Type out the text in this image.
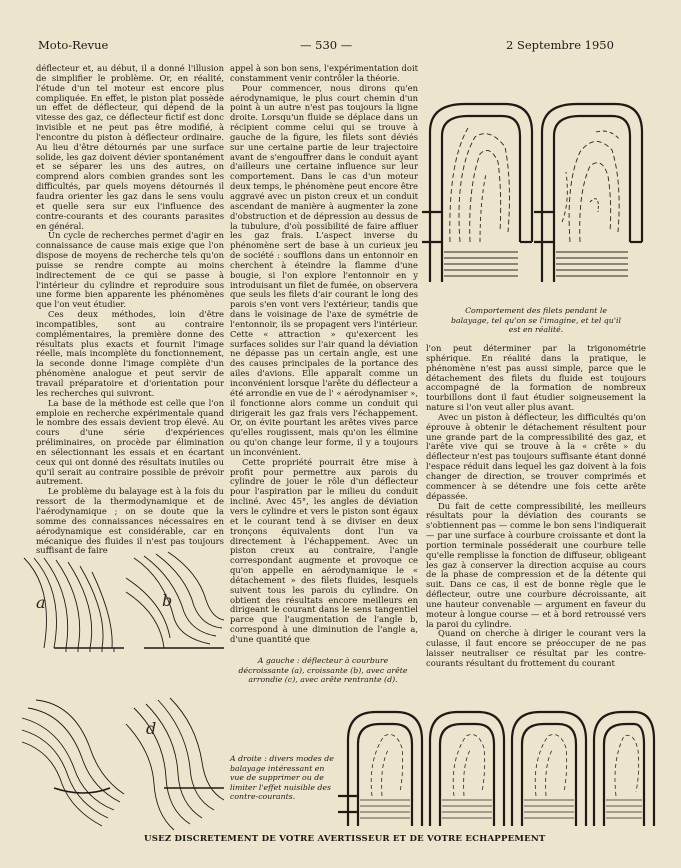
Moto-Revue	— 530 —	2 Septembre 1950

déflecteur et, au début, il a donné l'illusion de simplifier le problème. Or, en réalité, l'étude d'un tel moteur est encore plus compliquée. En effet, le piston plat possède un effet de déflecteur, qui dépend de la vitesse des gaz, ce déflecteur fictif est donc invisible et ne peut pas être modifié, à l'encontre du piston à déflecteur ordinaire. Au lieu d'être détournés par une surface solide, les gaz doivent dévier spontanément et se séparer les uns des autres, on comprend alors combien grandes sont les difficultés, par quels moyens détournés il faudra orienter les gaz dans le sens voulu et quelle sera sur eux l'influence des contre-courants et des courants parasites en général.

Un cycle de recherches permet d'agir en connaissance de cause mais exige que l'on dispose de moyens de recherche tels qu'on puisse se rendre compte au moins indirectement de ce qui se passe à l'intérieur du cylindre et reproduire sous une forme bien apparente les phénomènes que l'on veut étudier.

Ces deux méthodes, loin d'être incompatibles, sont au contraire complémentaires, la première donne des résultats plus exacts et fournit l'image réelle, mais incomplète du fonctionnement, la seconde donne l'image complète d'un phénomène analogue et peut servir de travail préparatoire et d'orientation pour les recherches qui suivront.

La base de la méthode est celle que l'on emploie en recherche expérimentale quand le nombre des essais devient trop élevé. Au cours d'une série d'expériences préliminaires, on procède par élimination en sélectionnant les essais et en écartant ceux qui ont donné des résultats inutiles ou qu'il serait au contraire possible de prévoir autrement.

Le problème du balayage est à la fois du ressort de la thermodynamique et de l'aérodynamique ; on se doute que la somme des connaissances nécessaires en aérodynamique est considérable, car en mécanique des fluides il n'est pas toujours suffisant de faire

appel à son bon sens, l'expérimentation doit constamment venir contrôler la théorie.

Pour commencer, nous dirons qu'en aérodynamique, le plus court chemin d'un point à un autre n'est pas toujours la ligne droite. Lorsqu'un fluide se déplace dans un récipient comme celui qui se trouve à gauche de la figure, les filets sont déviés sur une certaine partie de leur trajectoire avant de s'engouffrer dans le conduit ayant d'ailleurs une certaine influence sur leur comportement. Dans le cas d'un moteur deux temps, le phénomène peut encore être aggravé avec un piston creux et un conduit ascendant de manière à augmenter la zone d'obstruction et de dépression au dessus de la tubulure, d'où possibilité de faire affluer les gaz frais. L'aspect inverse du phénomène sert de base à un curieux jeu de société : soufflons dans un entonnoir en cherchent à éteindre la flamme d'une bougie, si l'on explore l'entonnoir en y introduisant un filet de fumée, on observera que seuls les filets d'air courant le long des parois s'en vont vers l'extérieur, tandis que dans le voisinage de l'axe de symétrie de l'entonnoir, ils se propagent vers l'intérieur. Cette « attraction » qu'exercent les surfaces solides sur l'air quand la déviation ne dépasse pas un certain angle, est une des causes principales de la portance des ailes d'avions. Elle apparaît comme un inconvénient lorsque l'arête du déflecteur a été arrondie en vue de l' « aérodynamiser », il fonctionne alors comme un conduit qui dirigerait les gaz frais vers l'échappement. Or, on évite pourtant les arêtes vives parce qu'elles rougissent, mais qu'on les élimine ou qu'on change leur forme, il y a toujours un inconvénient.

Cette propriété pourrait être mise à profit pour permettre aux parois du cylindre de jouer le rôle d'un déflecteur pour l'aspiration par le milieu du conduit incliné. Avec 45°, les angles de déviation vers le cylindre et vers le piston sont égaux et le courant tend à se diviser en deux tronçons équivalents dont l'un va directement à l'échappement. Avec un piston creux au contraire, l'angle correspondant augmente et provoque ce qu'on appelle en aérodynamique le « détachement » des filets fluides, lesquels suivent tous les parois du cylindre. On obtient des résultats encore meilleurs en dirigeant le courant dans le sens tangentiel parce que l'augmentation de l'angle b, correspond à une diminution de l'angle a, d'une quantité que

Comportement des filets pendant le balayage, tel qu'on se l'imagine, et tel qu'il est en réalité.

l'on peut déterminer par la trigonométrie sphérique. En réalité dans la pratique, le phénomène n'est pas aussi simple, parce que le détachement des filets du fluide est toujours accompagné de la formation de nombreux tourbillons dont il faut étudier soigneusement la nature si l'on veut aller plus avant.

Avec un piston à déflecteur, les difficultés qu'on éprouve à obtenir le détachement résultent pour une grande part de la compressibilité des gaz, et l'arête vive qui se trouve à la « crête » du déflecteur n'est pas toujours suffisante étant donné l'espace réduit dans lequel les gaz doivent à la fois changer de direction, se trouver comprimés et commencer à se détendre une fois cette arête dépassée.

Du fait de cette compressibilité, les meilleurs résultats pour la déviation des courants se s'obtiennent pas — comme le bon sens l'indiquerait — par une surface à courbure croissante et dont la portion terminale posséderait une courbure telle qu'elle remplisse la fonction de diffuseur, obligeant les gaz à conserver la direction acquise au cours de la phase de compression et de la détente qui suit. Dans ce cas, il est de bonne règle que le déflecteur, outre une courbure décroissante, ait une hauteur convenable — argument en faveur du moteur à longue course — et à bord retroussé vers la paroi du cylindre.

Quand on cherche à diriger le courant vers la culasse, il faut encore se préoccuper de ne pas laisser neutraliser ce résultat par les contre-courants résultant du frottement du courant

a	b
d
A gauche : déflecteur à courbure décroissante (a), croissante (b), avec arête arrondie (c), avec arête rentrante (d).
A droite : divers modes de balayage intéressant en vue de supprimer ou de limiter l'effet nuisible des contre-courants.
USEZ DISCRETEMENT DE VOTRE AVERTISSEUR ET DE VOTRE ECHAPPEMENT
